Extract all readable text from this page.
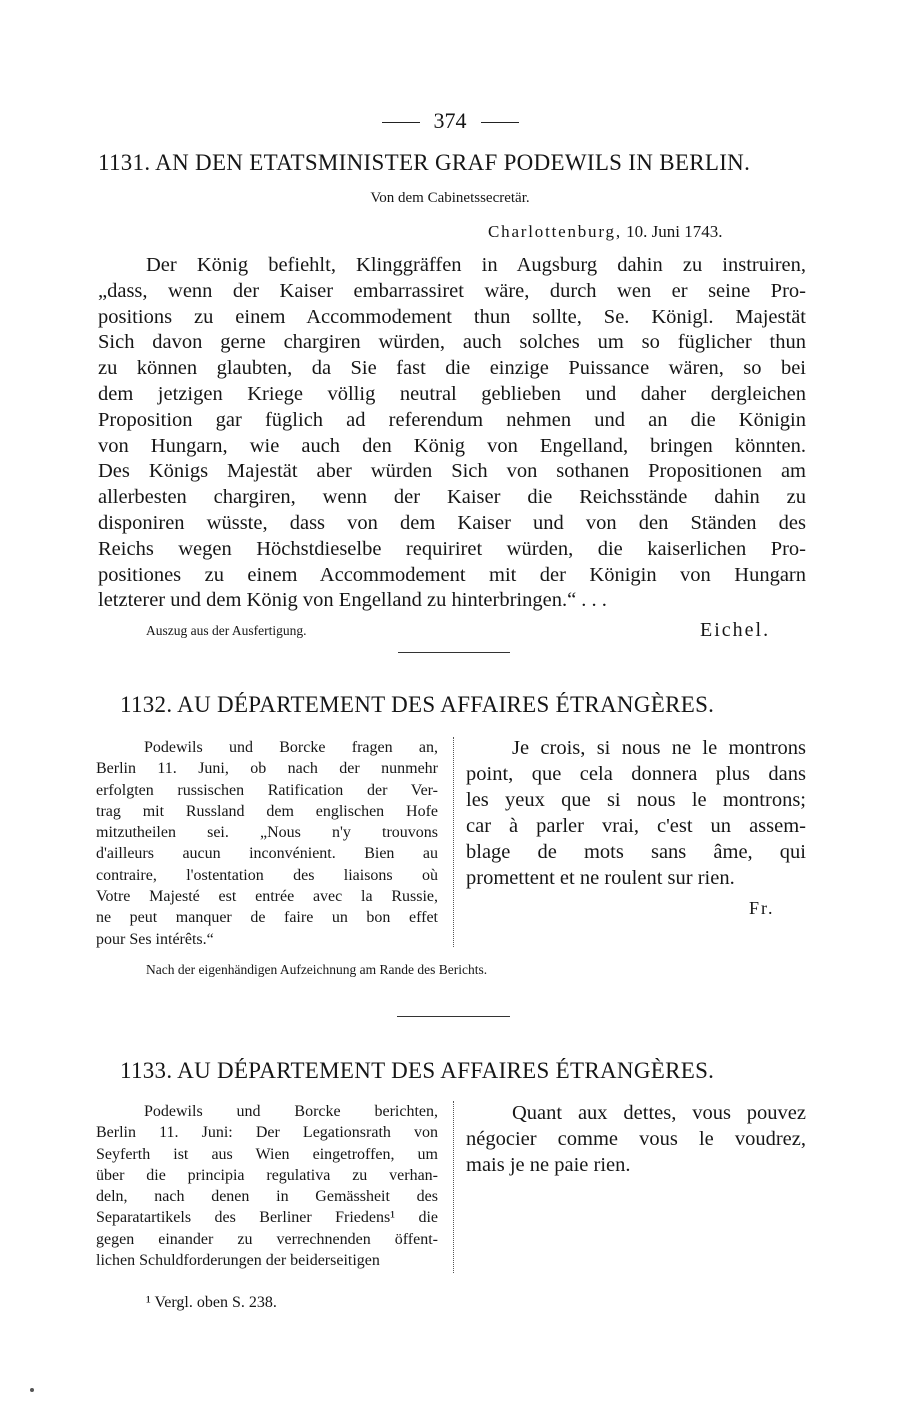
374
1131. AN DEN ETATSMINISTER GRAF PODEWILS IN BERLIN.
Von dem Cabinetssecretär.
Charlottenburg, 10. Juni 1743.
Der König befiehlt, Klinggräffen in Augsburg dahin zu instruiren,
„dass, wenn der Kaiser embarrassiret wäre, durch wen er seine Pro-
positions zu einem Accommodement thun sollte, Se. Königl. Majestät
Sich davon gerne chargiren würden, auch solches um so füglicher thun
zu können glaubten, da Sie fast die einzige Puissance wären, so bei
dem jetzigen Kriege völlig neutral geblieben und daher dergleichen
Proposition gar füglich ad referendum nehmen und an die Königin
von Hungarn, wie auch den König von Engelland, bringen könnten.
Des Königs Majestät aber würden Sich von sothanen Propositionen am
allerbesten chargiren, wenn der Kaiser die Reichsstände dahin zu
disponiren wüsste, dass von dem Kaiser und von den Ständen des
Reichs wegen Höchstdieselbe requiriret würden, die kaiserlichen Pro-
positiones zu einem Accommodement mit der Königin von Hungarn
letzterer und dem König von Engelland zu hinterbringen.“ . . .
Auszug aus der Ausfertigung.	Eichel.
1132. AU DÉPARTEMENT DES AFFAIRES ÉTRANGÈRES.
Podewils und Borcke fragen an,
Berlin 11. Juni, ob nach der nunmehr
erfolgten russischen Ratification der Ver-
trag mit Russland dem englischen Hofe
mitzutheilen sei. „Nous n'y trouvons
d'ailleurs aucun inconvénient. Bien au
contraire, l'ostentation des liaisons où
Votre Majesté est entrée avec la Russie,
ne peut manquer de faire un bon effet
pour Ses intérêts.“
Je crois, si nous ne le montrons
point, que cela donnera plus dans
les yeux que si nous le montrons;
car à parler vrai, c'est un assem-
blage de mots sans âme, qui
promettent et ne roulent sur rien.
Fr.
Nach der eigenhändigen Aufzeichnung am Rande des Berichts.
1133. AU DÉPARTEMENT DES AFFAIRES ÉTRANGÈRES.
Podewils und Borcke berichten,
Berlin 11. Juni: Der Legationsrath von
Seyferth ist aus Wien eingetroffen, um
über die principia regulativa zu verhan-
deln, nach denen in Gemässheit des
Separatartikels des Berliner Friedens¹ die
gegen einander zu verrechnenden öffent-
lichen Schuldforderungen der beiderseitigen
Quant aux dettes, vous pouvez
négocier comme vous le voudrez,
mais je ne paie rien.
¹ Vergl. oben S. 238.
